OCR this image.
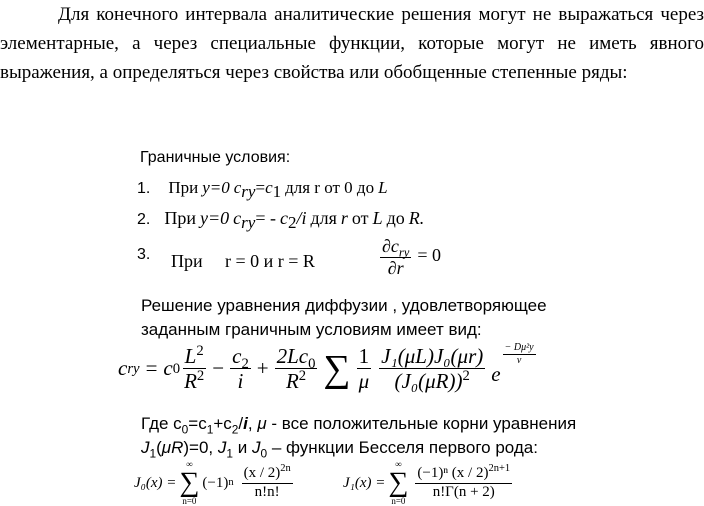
Для конечного интервала аналитические решения могут не выражаться через элементарные, а через специальные функции, которые могут не иметь явного выражения, а определяться через свойства или обобщенные степенные ряды:

Граничные условия:
1. При y=0 $c_{ry}=c_1$ для r от 0 до L
2. При y=0 $c_{ry}= - c_2/i$ для r от L до R.
3. При r = 0 и r = R	$\frac{\partial c_{ry}}{\partial r} = 0$
Решение уравнения диффузии , удовлетворяющее
заданным граничным условиям имеет вид:
c ry = c $0 \frac{L^2}{R^2} - \frac{c_2}{i} + \frac{2Lc_0}{R^2}$ ∑ $\frac{1}{\mu} \frac{\text{J₁(μL)J₀(μr)}}{(J_0(\mu R))^2}$ e
$\frac{\text{− Dμ²y}}{v}$
Где $c_0=c_1+c_2/i$, μ - все положительные корни уравнения
$J_1(\mu R)=0$, $J_1$ и $J_0$ – функции Бесселя первого рода:
J₀(x) =
∞
∑
n=0
(−1) n $\frac{(x / 2)^{2n}}{n!n!}$	J₁(x) =
∞
∑
n=0
$\frac{(-1)^n (x / 2)^{2n+1}}{n!\Gamma(n + 2)}$
